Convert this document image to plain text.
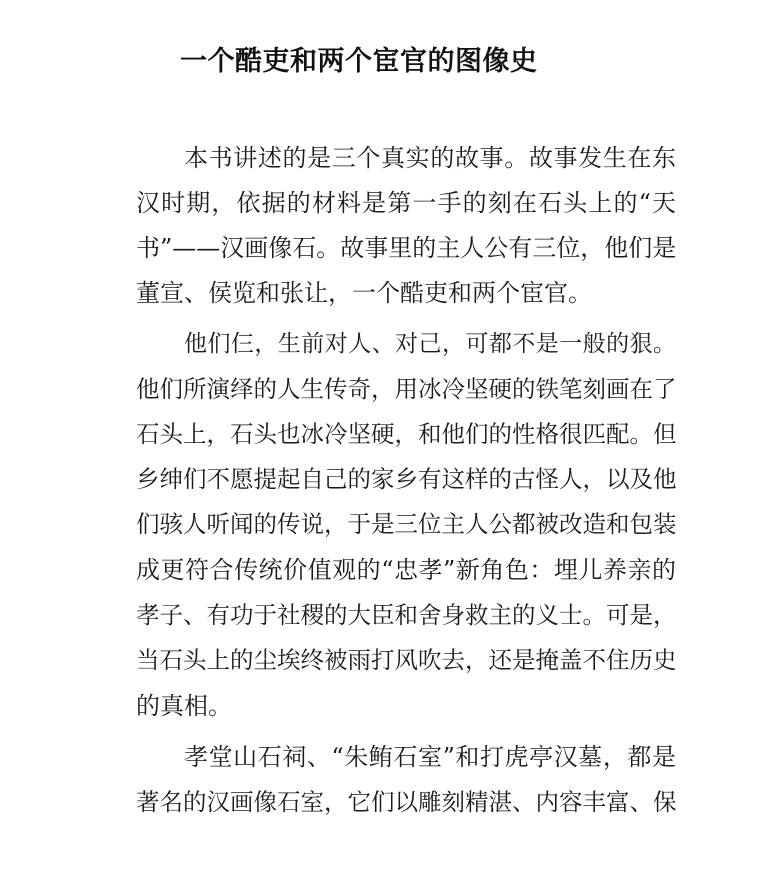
一个酷吏和两个宦官的图像史
本书讲述的是三个真实的故事。故事发生在东
汉时期，依据的材料是第一手的刻在石头上的“天
书”——汉画像石。故事里的主人公有三位，他们是
董宣、侯览和张让，一个酷吏和两个宦官。
他们仨，生前对人、对己，可都不是一般的狠。
他们所演绎的人生传奇，用冰冷坚硬的铁笔刻画在了
石头上，石头也冰冷坚硬，和他们的性格很匹配。但
乡绅们不愿提起自己的家乡有这样的古怪人，以及他
们骇人听闻的传说，于是三位主人公都被改造和包装
成更符合传统价值观的“忠孝”新角色：埋儿养亲的
孝子、有功于社稷的大臣和舍身救主的义士。可是，
当石头上的尘埃终被雨打风吹去，还是掩盖不住历史
的真相。
孝堂山石祠、“朱鲔石室”和打虎亭汉墓，都是
著名的汉画像石室，它们以雕刻精湛、内容丰富、保
